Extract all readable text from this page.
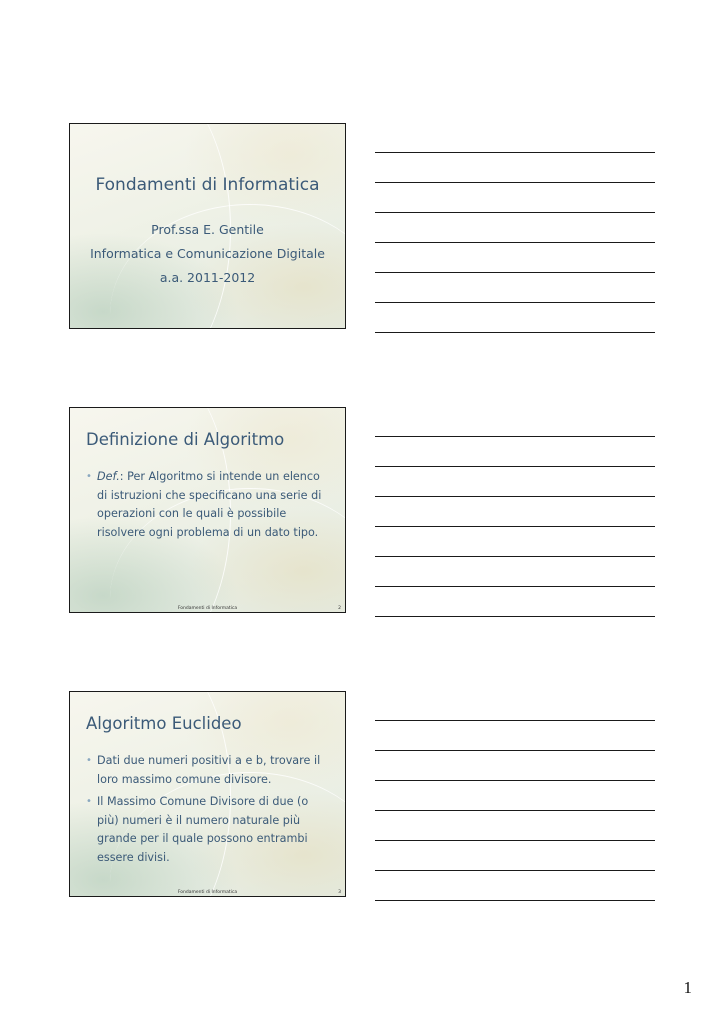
Fondamenti di Informatica
Prof.ssa E. Gentile
Informatica e Comunicazione Digitale
a.a. 2011-2012
Definizione di Algoritmo
• Def.: Per Algoritmo si intende un elenco di istruzioni che specificano una serie di operazioni con le quali è possibile risolvere ogni problema di un dato tipo.
Fondamenti di Informatica	2
Algoritmo Euclideo
• Dati due numeri positivi a e b, trovare il loro massimo comune divisore.
• Il Massimo Comune Divisore di due (o più) numeri è il numero naturale più grande per il quale possono entrambi essere divisi.
Fondamenti di Informatica	3
1
